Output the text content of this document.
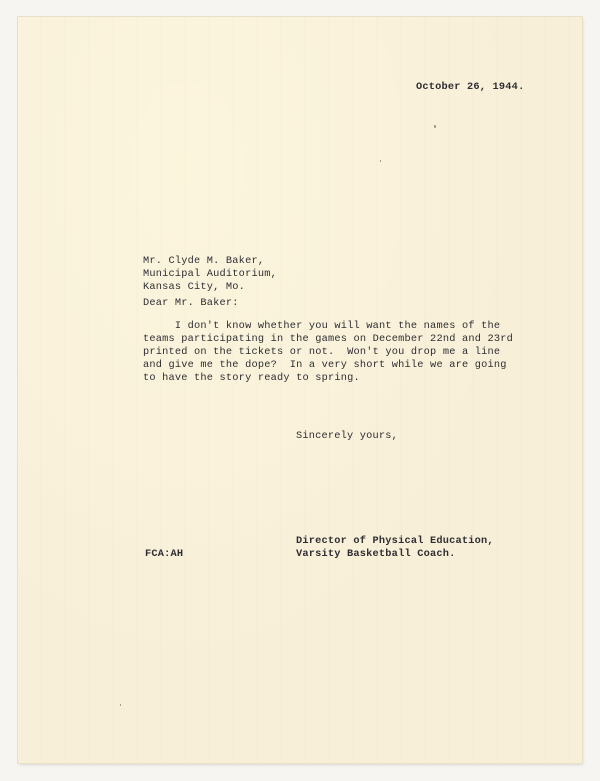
October 26, 1944.
Mr. Clyde M. Baker,
Municipal Auditorium,
Kansas City, Mo.
Dear Mr. Baker:
I don't know whether you will want the names of the
teams participating in the games on December 22nd and 23rd
printed on the tickets or not.  Won't you drop me a line
and give me the dope?  In a very short while we are going
to have the story ready to spring.
Sincerely yours,
Director of Physical Education,
Varsity Basketball Coach.
FCA:AH
